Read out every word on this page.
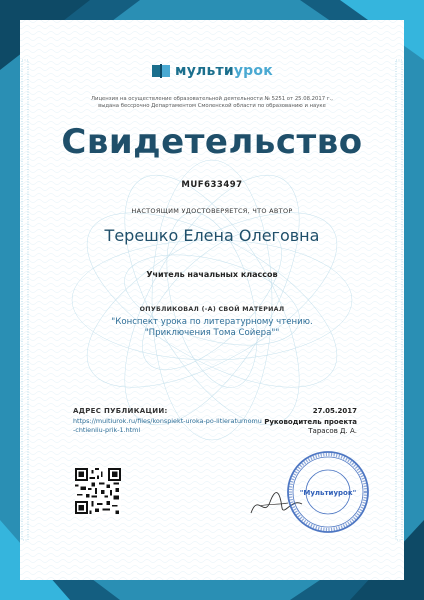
мультиурок
Лицензия на осуществление образовательной деятельности № 5251 от 25.08.2017 г.,
выдана бессрочно Департаментом Смоленской области по образованию и науке
Свидетельство
MUF633497
НАСТОЯЩИМ УДОСТОВЕРЯЕТСЯ, ЧТО АВТОР
Терешко Елена Олеговна
Учитель начальных классов
ОПУБЛИКОВАЛ (-А) СВОЙ МАТЕРИАЛ
"Конспект урока по литературному чтению. "Приключения Тома Сойера""
АДРЕС ПУБЛИКАЦИИ:
https://multiurok.ru/files/konspiekt-uroka-po-litieraturnomu-chtieniiu-prik-1.html
27.05.2017
Руководитель проекта
Тарасов Д. А.
"Мультиурок"
